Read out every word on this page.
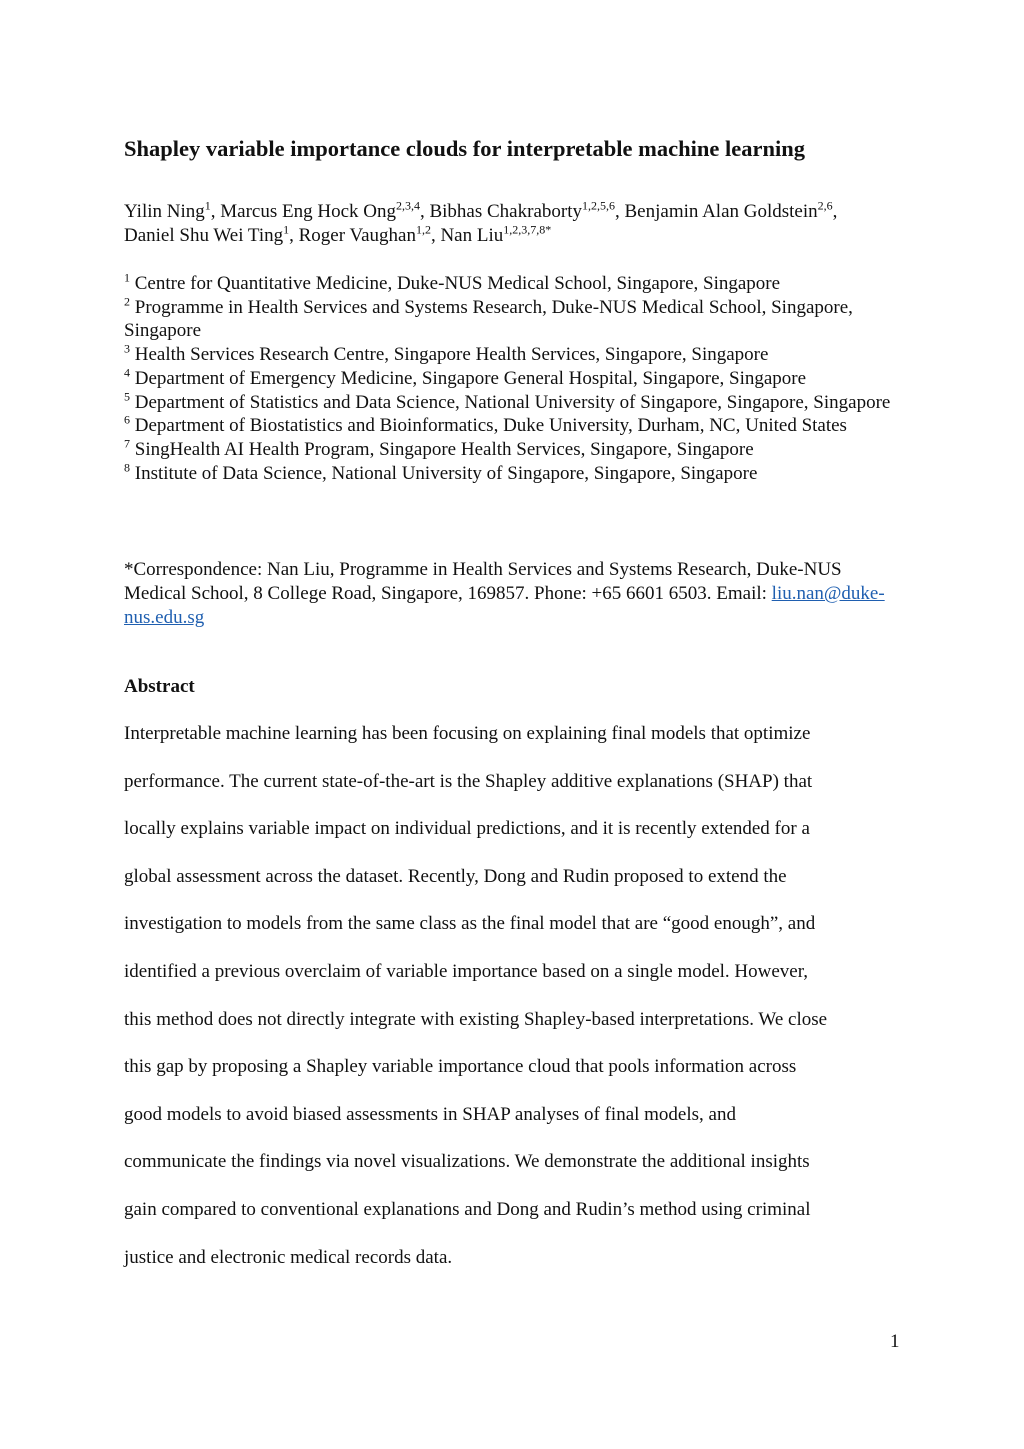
Shapley variable importance clouds for interpretable machine learning
Yilin Ning$^1$, Marcus Eng Hock Ong$^{2,3,4}$, Bibhas Chakraborty$^{1,2,5,6}$, Benjamin Alan Goldstein$^{2,6}$, Daniel Shu Wei Ting$^1$, Roger Vaughan$^{1,2}$, Nan Liu$^{1,2,3,7,8*}$
$^1$ Centre for Quantitative Medicine, Duke-NUS Medical School, Singapore, Singapore
$^2$ Programme in Health Services and Systems Research, Duke-NUS Medical School, Singapore, Singapore
$^3$ Health Services Research Centre, Singapore Health Services, Singapore, Singapore
$^4$ Department of Emergency Medicine, Singapore General Hospital, Singapore, Singapore
$^5$ Department of Statistics and Data Science, National University of Singapore, Singapore, Singapore
$^6$ Department of Biostatistics and Bioinformatics, Duke University, Durham, NC, United States
$^7$ SingHealth AI Health Program, Singapore Health Services, Singapore, Singapore
$^8$ Institute of Data Science, National University of Singapore, Singapore, Singapore
*Correspondence: Nan Liu, Programme in Health Services and Systems Research, Duke-NUS Medical School, 8 College Road, Singapore, 169857. Phone: +65 6601 6503. Email: liu.nan@duke-nus.edu.sg
Abstract
Interpretable machine learning has been focusing on explaining final models that optimize
performance. The current state-of-the-art is the Shapley additive explanations (SHAP) that
locally explains variable impact on individual predictions, and it is recently extended for a
global assessment across the dataset. Recently, Dong and Rudin proposed to extend the
investigation to models from the same class as the final model that are “good enough”, and
identified a previous overclaim of variable importance based on a single model. However,
this method does not directly integrate with existing Shapley-based interpretations. We close
this gap by proposing a Shapley variable importance cloud that pools information across
good models to avoid biased assessments in SHAP analyses of final models, and
communicate the findings via novel visualizations. We demonstrate the additional insights
gain compared to conventional explanations and Dong and Rudin’s method using criminal
justice and electronic medical records data.
1
